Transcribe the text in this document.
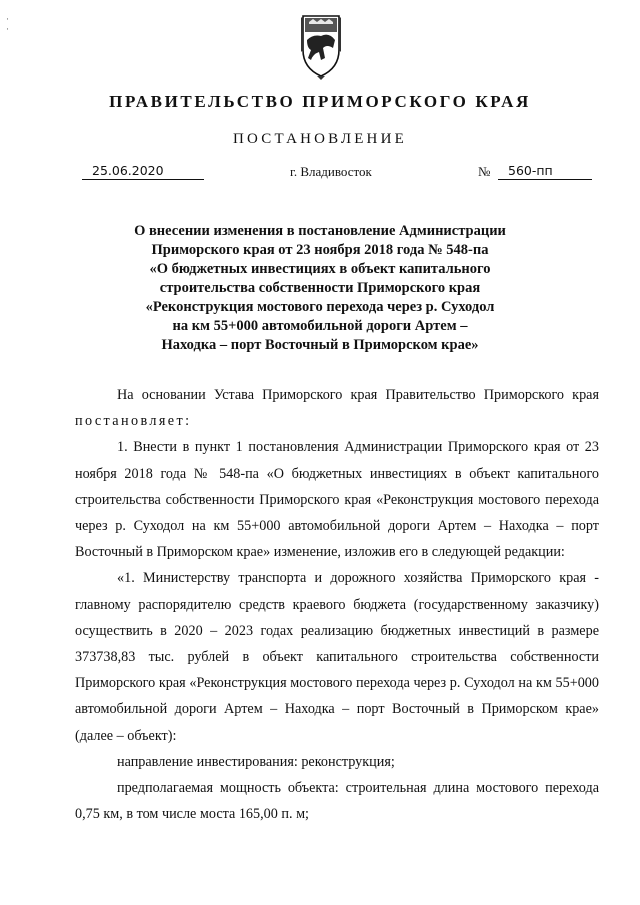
·
·
ПРАВИТЕЛЬСТВО ПРИМОРСКОГО КРАЯ
ПОСТАНОВЛЕНИЕ
25.06.2020	г. Владивосток	№ 560-пп
О внесении изменения в постановление Администрации
Приморского края от 23 ноября 2018 года № 548-па
«О бюджетных инвестициях в объект капитального
строительства собственности Приморского края
«Реконструкция мостового перехода через р. Суходол
на км 55+000 автомобильной дороги Артем –
Находка – порт Восточный в Приморском крае»

На основании Устава Приморского края Правительство Приморского края постановляет:

1. Внести в пункт 1 постановления Администрации Приморского края от 23 ноября 2018 года № 548-па «О бюджетных инвестициях в объект капитального строительства собственности Приморского края «Реконструкция мостового перехода через р. Суходол на км 55+000 автомобильной дороги Артем – Находка – порт Восточный в Приморском крае» изменение, изложив его в следующей редакции:

«1. Министерству транспорта и дорожного хозяйства Приморского края - главному распорядителю средств краевого бюджета (государственному заказчику) осуществить в 2020 – 2023 годах реализацию бюджетных инвестиций в размере 373738,83 тыс. рублей в объект капитального строительства собственности Приморского края «Реконструкция мостового перехода через р. Суходол на км 55+000 автомобильной дороги Артем – Находка – порт Восточный в Приморском крае» (далее – объект):

направление инвестирования: реконструкция;

предполагаемая мощность объекта: строительная длина мостового перехода 0,75 км, в том числе моста 165,00 п. м;
